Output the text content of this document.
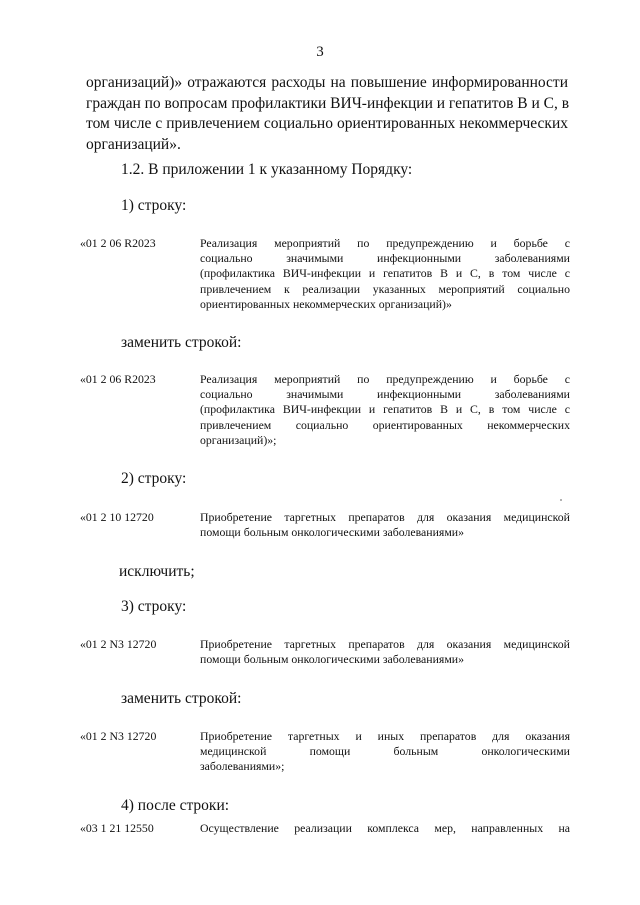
3
организаций)» отражаются расходы на повышение информированности
граждан по вопросам профилактики ВИЧ-инфекции и гепатитов В и С, в
том числе с привлечением социально ориентированных некоммерческих
организаций».
1.2. В приложении 1 к указанному Порядку:
1) строку:
«01 2 06 R2023	Реализация мероприятий по предупреждению и борьбе с
социально значимыми инфекционными заболеваниями
(профилактика ВИЧ-инфекции и гепатитов В и С, в том числе с
привлечением к реализации указанных мероприятий социально
ориентированных некоммерческих организаций)»
заменить строкой:
«01 2 06 R2023	Реализация мероприятий по предупреждению и борьбе с
социально значимыми инфекционными заболеваниями
(профилактика ВИЧ-инфекции и гепатитов В и С, в том числе с
привлечением социально ориентированных некоммерческих
организаций)»;
2) строку:
«01 2 10 12720	Приобретение таргетных препаратов для оказания медицинской
помощи больным онкологическими заболеваниями»
исключить;
3) строку:
«01 2 N3 12720	Приобретение таргетных препаратов для оказания медицинской
помощи больным онкологическими заболеваниями»
заменить строкой:
«01 2 N3 12720	Приобретение таргетных и иных препаратов для оказания
медицинской помощи больным онкологическими
заболеваниями»;
4) после строки:
«03 1 21 12550	Осуществление реализации комплекса мер, направленных на
